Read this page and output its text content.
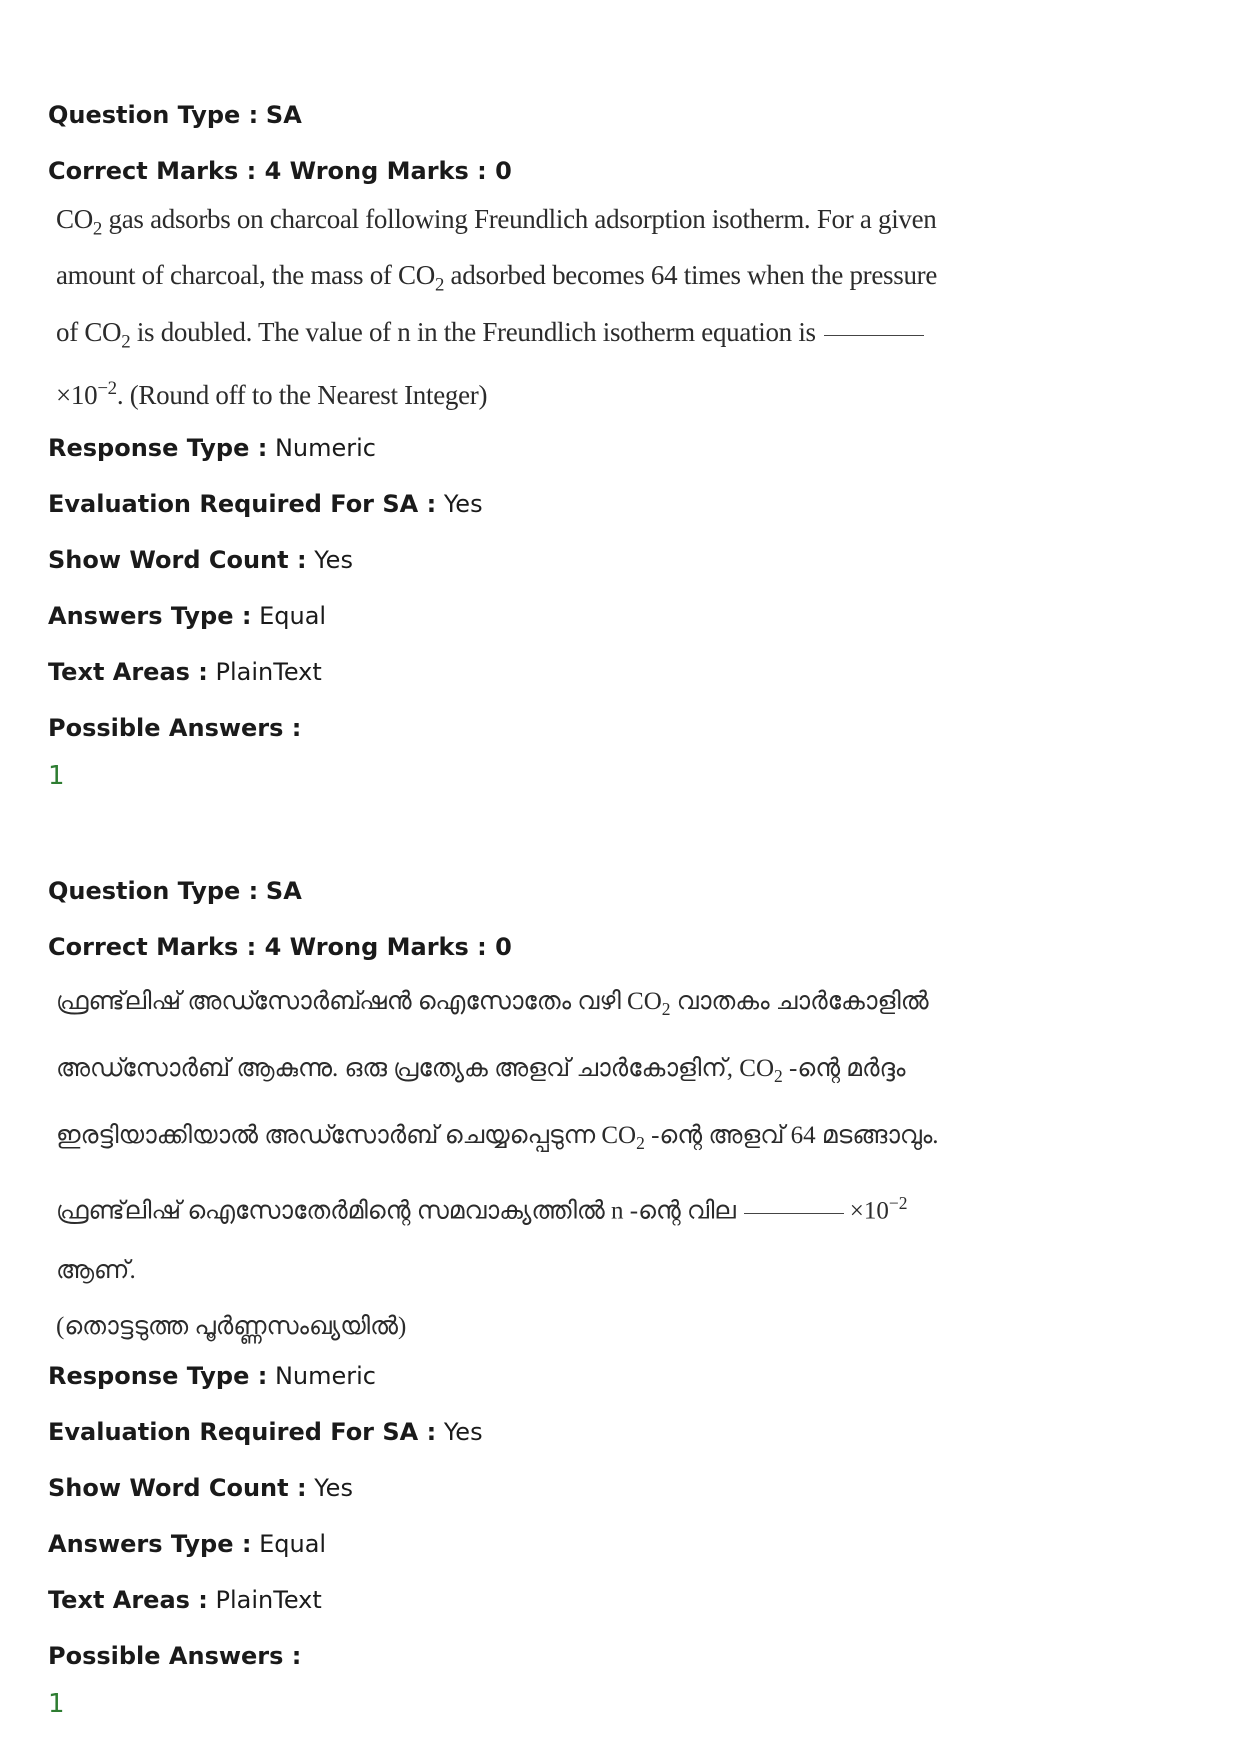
Question Type : SA
Correct Marks : 4 Wrong Marks : 0
$CO_2$ gas adsorbs on charcoal following Freundlich adsorption isotherm. For a given amount of charcoal, the mass of $CO_2$ adsorbed becomes 64 times when the pressure of $CO_2$ is doubled. The value of n in the Freundlich isotherm equation $is\times 10^{-2}$. (Round off to the Nearest Integer)
Response Type : Numeric
Evaluation Required For SA : Yes
Show Word Count : Yes
Answers Type : Equal
Text Areas : PlainText
Possible Answers :
1
Question Type : SA
Correct Marks : 4 Wrong Marks : 0
ഫ്രണ്ട്‌ലിഷ് അഡ്സോർബ്ഷൻ ഐസോതേം വഴി $CO_2$ വാതകം ചാർകോളിൽ അഡ്സോർബ് ആകുന്നു. ഒരു പ്രത്യേക അളവ് ചാർകോളിന്, $CO_2$ -ന്റെ മർദ്ദം ഇരട്ടിയാക്കിയാൽ അഡ്സോർബ് ചെയ്യപ്പെടുന്ന $CO_2$ -ന്റെ അളവ് 64 മടങ്ങാവും. ഫ്രണ്ട്‌ലിഷ് ഐസോതേർമിന്റെ സമവാക്യത്തിൽ n -ന്റെ വില	$\times 10^{-2}$ ആണ്.
(തൊട്ടടുത്ത പൂർണ്ണസംഖ്യയിൽ)
Response Type : Numeric
Evaluation Required For SA : Yes
Show Word Count : Yes
Answers Type : Equal
Text Areas : PlainText
Possible Answers :
1
